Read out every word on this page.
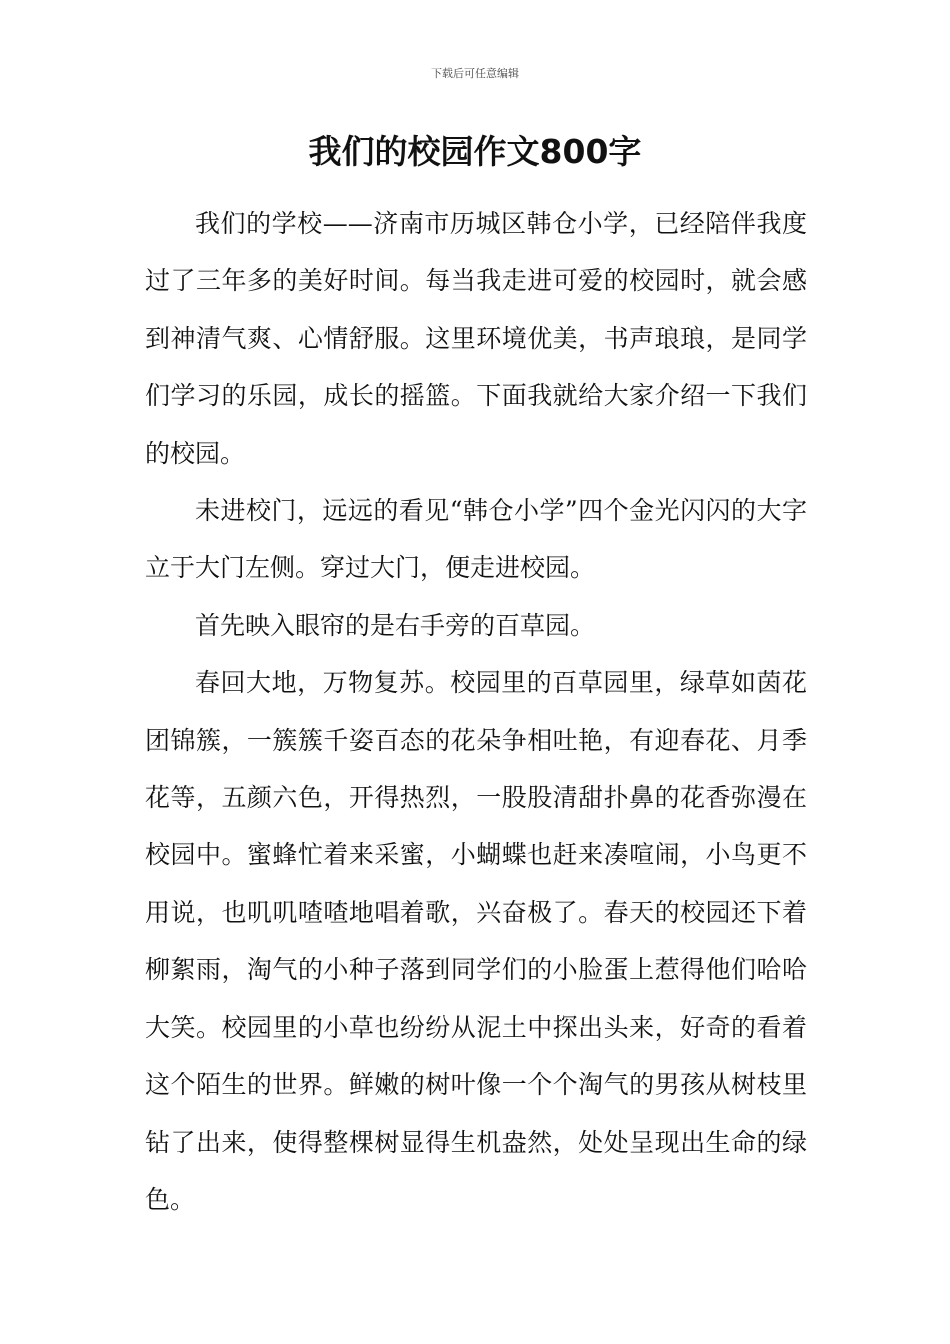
下载后可任意编辑
我们的校园作文800字

我们的学校——济南市历城区韩仓小学，已经陪伴我度过了三年多的美好时间。每当我走进可爱的校园时，就会感到神清气爽、心情舒服。这里环境优美，书声琅琅，是同学们学习的乐园，成长的摇篮。下面我就给大家介绍一下我们的校园。

未进校门，远远的看见“韩仓小学”四个金光闪闪的大字立于大门左侧。穿过大门，便走进校园。

首先映入眼帘的是右手旁的百草园。

春回大地，万物复苏。校园里的百草园里，绿草如茵花团锦簇，一簇簇千姿百态的花朵争相吐艳，有迎春花、月季花等，五颜六色，开得热烈，一股股清甜扑鼻的花香弥漫在校园中。蜜蜂忙着来采蜜，小蝴蝶也赶来凑喧闹，小鸟更不用说，也叽叽喳喳地唱着歌，兴奋极了。春天的校园还下着柳絮雨，淘气的小种子落到同学们的小脸蛋上惹得他们哈哈大笑。校园里的小草也纷纷从泥土中探出头来，好奇的看着这个陌生的世界。鲜嫩的树叶像一个个淘气的男孩从树枝里钻了出来，使得整棵树显得生机盎然，处处呈现出生命的绿色。
